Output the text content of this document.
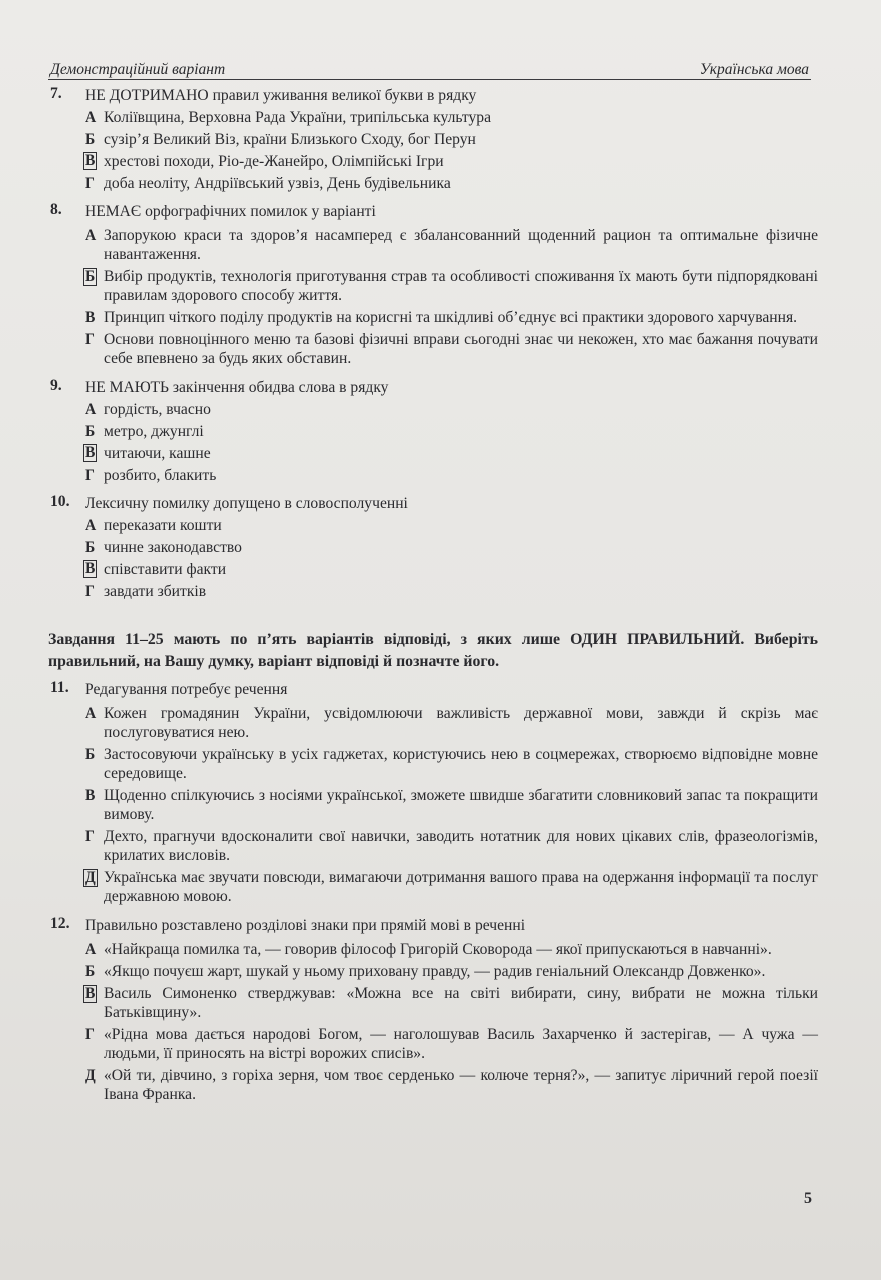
Демонстраційний варіант	Українська мова
7. НЕ ДОТРИМАНО правил уживання великої букви в рядку
А Коліївщина, Верховна Рада України, трипільська культура
Б сузір’я Великий Віз, країни Близького Сходу, бог Перун
В хрестові походи, Ріо-де-Жанейро, Олімпійські Ігри
Г доба неоліту, Андріївський узвіз, День будівельника
8. НЕМАЄ орфографічних помилок у варіанті
А Запорукою краси та здоров’я насамперед є збалансованний щоденний рацион та оптимальне фізичне навантаження.
Б Вибір продуктів, технологія приготування страв та особливості споживання їх мають бути підпорядковані правилам здорового способу життя.
В Принцип чіткого поділу продуктів на корисгні та шкідливі об’єднує всі практики здорового харчування.
Г Основи повноцінного меню та базові фізичні вправи сьогодні знає чи некожен, хто має бажання почувати себе впевнено за будь яких обставин.
9. НЕ МАЮТЬ закінчення обидва слова в рядку
А гордість, вчасно
Б метро, джунглі
В читаючи, кашне
Г розбито, блакить
10. Лексичну помилку допущено в словосполученні
А переказати кошти
Б чинне законодавство
В співставити факти
Г завдати збитків
Завдання 11–25 мають по п’ять варіантів відповіді, з яких лише ОДИН ПРАВИЛЬНИЙ. Виберіть правильний, на Вашу думку, варіант відповіді й позначте його.
11. Редагування потребує речення
А Кожен громадянин України, усвідомлюючи важливість державної мови, завжди й скрізь має послуговуватися нею.
Б Застосовуючи українську в усіх гаджетах, користуючись нею в соцмережах, створюємо відповідне мовне середовище.
В Щоденно спілкуючись з носіями української, зможете швидше збагатити словниковий запас та покращити вимову.
Г Дехто, прагнучи вдосконалити свої навички, заводить нотатник для нових цікавих слів, фразеологізмів, крилатих висловів.
Д Українська має звучати повсюди, вимагаючи дотримання вашого права на одержання інформації та послуг державною мовою.
12. Правильно розставлено розділові знаки при прямій мові в реченні
А «Найкраща помилка та, — говорив філософ Григорій Сковорода — якої припускаються в навчанні».
Б «Якщо почуєш жарт, шукай у ньому приховану правду, — радив геніальний Олександр Довженко».
В Василь Симоненко стверджував: «Можна все на світі вибирати, сину, вибрати не можна тільки Батьківщину».
Г «Рідна мова дається народові Богом, — наголошував Василь Захарченко й застерігав, — А чужа — людьми, її приносять на вістрі ворожих списів».
Д «Ой ти, дівчино, з горіха зерня, чом твоє серденько — колюче терня?», — запитує ліричний герой поезії Івана Франка.
5
